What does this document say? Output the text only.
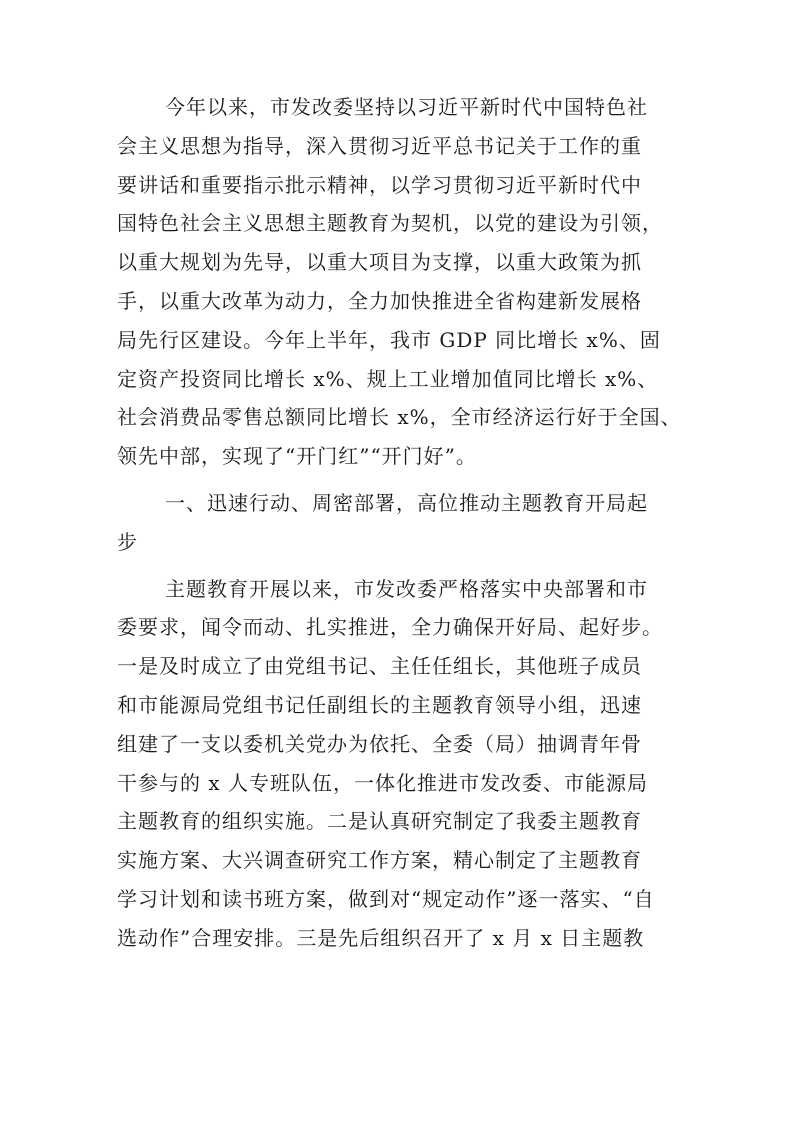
今年以来，市发改委坚持以习近平新时代中国特色社
会主义思想为指导，深入贯彻习近平总书记关于工作的重
要讲话和重要指示批示精神，以学习贯彻习近平新时代中
国特色社会主义思想主题教育为契机，以党的建设为引领，
以重大规划为先导，以重大项目为支撑，以重大政策为抓
手，以重大改革为动力，全力加快推进全省构建新发展格
局先行区建设。今年上半年，我市 GDP 同比增长 x%、固
定资产投资同比增长 x%、规上工业增加值同比增长 x%、
社会消费品零售总额同比增长 x%，全市经济运行好于全国、
领先中部，实现了“开门红”“开门好”。
一、迅速行动、周密部署，高位推动主题教育开局起
步
主题教育开展以来，市发改委严格落实中央部署和市
委要求，闻令而动、扎实推进，全力确保开好局、起好步。
一是及时成立了由党组书记、主任任组长，其他班子成员
和市能源局党组书记任副组长的主题教育领导小组，迅速
组建了一支以委机关党办为依托、全委（局）抽调青年骨
干参与的 x 人专班队伍，一体化推进市发改委、市能源局
主题教育的组织实施。二是认真研究制定了我委主题教育
实施方案、大兴调查研究工作方案，精心制定了主题教育
学习计划和读书班方案，做到对“规定动作”逐一落实、“自
选动作”合理安排。三是先后组织召开了 x 月 x 日主题教
